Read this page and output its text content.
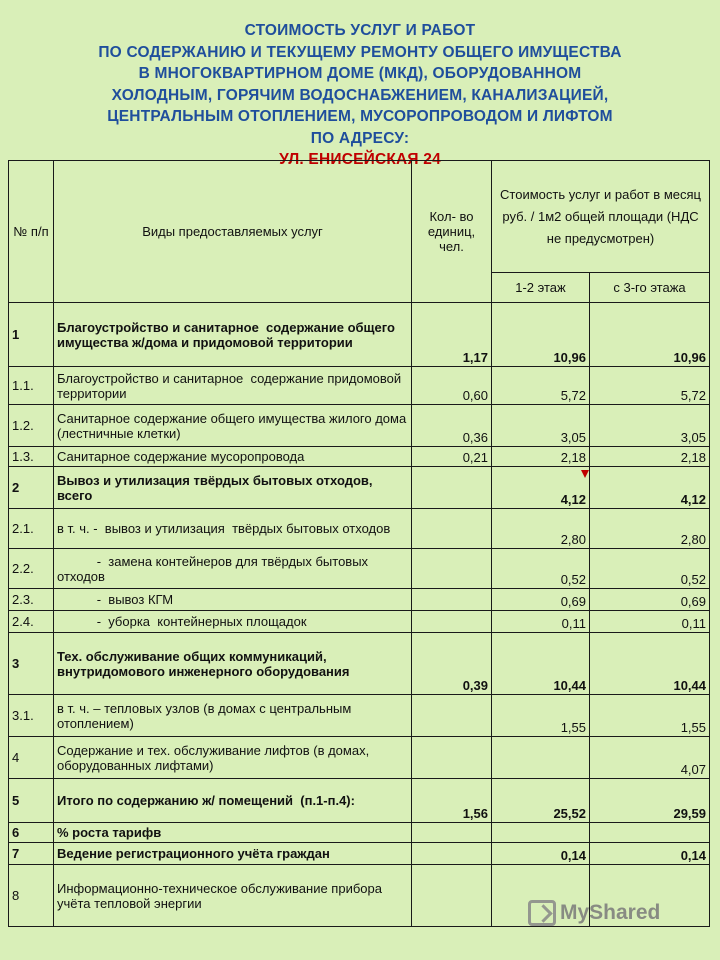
СТОИМОСТЬ УСЛУГ И РАБОТ
ПО СОДЕРЖАНИЮ И ТЕКУЩЕМУ РЕМОНТУ ОБЩЕГО ИМУЩЕСТВА
В МНОГОКВАРТИРНОМ ДОМЕ (МКД), ОБОРУДОВАННОМ
ХОЛОДНЫМ, ГОРЯЧИМ ВОДОСНАБЖЕНИЕМ, КАНАЛИЗАЦИЕЙ,
ЦЕНТРАЛЬНЫМ ОТОПЛЕНИЕМ, МУСОРОПРОВОДОМ И ЛИФТОМ
ПО АДРЕСУ:
УЛ. ЕНИСЕЙСКАЯ 24
№ п/п	Виды предоставляемых услуг	Кол- во единиц, чел.	Стоимость услуг и работ в месяц руб. / 1м2 общей площади (НДС не предусмотрен)	
			1-2 этаж	с 3-го этажа
1	Благоустройство и санитарное  содержание общего имущества ж/дома и придомовой территории	1,17	10,96	10,96
1.1.	Благоустройство и санитарное  содержание придомовой территории	0,60	5,72	5,72
1.2.	Санитарное содержание общего имущества жилого дома (лестничные клетки)	0,36	3,05	3,05
1.3.	Санитарное содержание мусоропровода	0,21	2,18	2,18
2	Вывоз и утилизация твёрдых бытовых отходов, всего		4,12	4,12
2.1.	в т. ч. -  вывоз и утилизация  твёрдых бытовых отходов		2,80	2,80
2.2.	-  замена контейнеров для твёрдых бытовых отходов		0,52	0,52
2.3.	-  вывоз КГМ		0,69	0,69
2.4.	-  уборка  контейнерных площадок		0,11	0,11
3	Тех. обслуживание общих коммуникаций, внутридомового инженерного оборудования	0,39	10,44	10,44
3.1.	в т. ч. – тепловых узлов (в домах с центральным отоплением)		1,55	1,55
4	Содержание и тех. обслуживание лифтов (в домах, оборудованных лифтами)			4,07
5	Итого по содержанию ж/ помещений  (п.1-п.4):	1,56	25,52	29,59
6	% роста тарифв			
7	Ведение регистрационного учёта граждан		0,14	0,14
8	Информационно-техническое обслуживание прибора учёта тепловой энергии				MyShared
